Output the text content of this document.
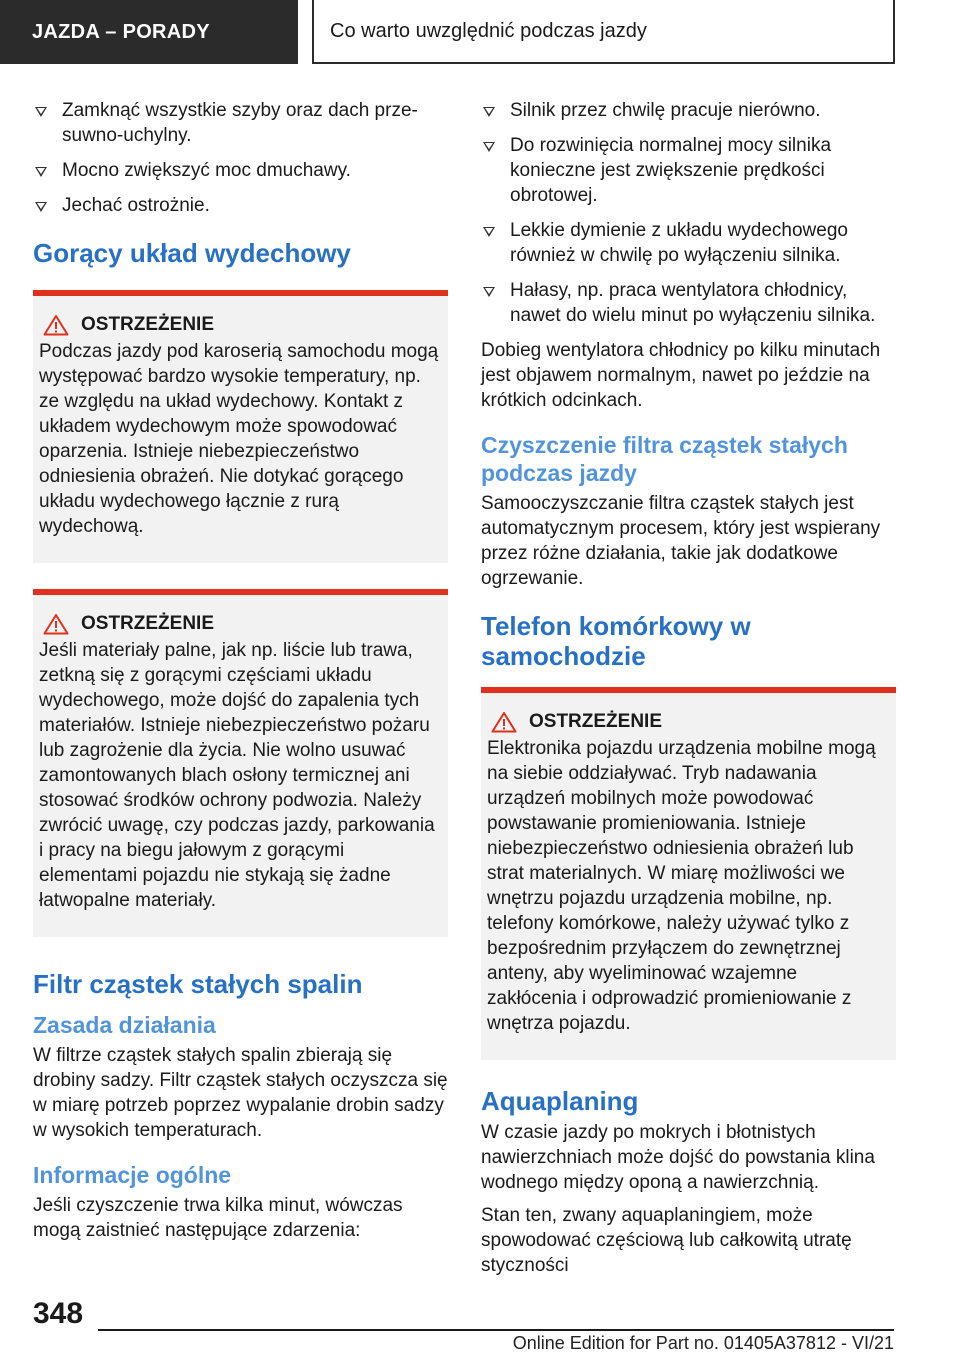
JAZDA – PORADY	Co warto uwzględnić podczas jazdy
Zamknąć wszystkie szyby oraz dach prze-suwno-uchylny.
Mocno zwiększyć moc dmuchawy.
Jechać ostrożnie.
Gorący układ wydechowy
OSTRZEŻENIE

Podczas jazdy pod karoserią samochodu mogą występować bardzo wysokie temperatury, np. ze względu na układ wydechowy. Kontakt z układem wydechowym może spowodować oparzenia. Istnieje niebezpieczeństwo odniesienia obrażeń. Nie dotykać gorącego układu wydechowego łącznie z rurą wydechową.

OSTRZEŻENIE

Jeśli materiały palne, jak np. liście lub trawa, zetkną się z gorącymi częściami układu wydechowego, może dojść do zapalenia tych materiałów. Istnieje niebezpieczeństwo pożaru lub zagrożenie dla życia. Nie wolno usuwać zamontowanych blach osłony termicznej ani stosować środków ochrony podwozia. Należy zwrócić uwagę, czy podczas jazdy, parkowania i pracy na biegu jałowym z gorącymi elementami pojazdu nie stykają się żadne łatwopalne materiały.

Filtr cząstek stałych spalin
Zasada działania

W filtrze cząstek stałych spalin zbierają się drobiny sadzy. Filtr cząstek stałych oczyszcza się w miarę potrzeb poprzez wypalanie drobin sadzy w wysokich temperaturach.

Informacje ogólne

Jeśli czyszczenie trwa kilka minut, wówczas mogą zaistnieć następujące zdarzenia:

Silnik przez chwilę pracuje nierówno.
Do rozwinięcia normalnej mocy silnika konieczne jest zwiększenie prędkości obrotowej.
Lekkie dymienie z układu wydechowego również w chwilę po wyłączeniu silnika.
Hałasy, np. praca wentylatora chłodnicy, nawet do wielu minut po wyłączeniu silnika.

Dobieg wentylatora chłodnicy po kilku minutach jest objawem normalnym, nawet po jeździe na krótkich odcinkach.

Czyszczenie filtra cząstek stałych podczas jazdy

Samooczyszczanie filtra cząstek stałych jest automatycznym procesem, który jest wspierany przez różne działania, takie jak dodatkowe ogrzewanie.

Telefon komórkowy w samochodzie
OSTRZEŻENIE

Elektronika pojazdu urządzenia mobilne mogą na siebie oddziaływać. Tryb nadawania urządzeń mobilnych może powodować powstawanie promieniowania. Istnieje niebezpieczeństwo odniesienia obrażeń lub strat materialnych. W miarę możliwości we wnętrzu pojazdu urządzenia mobilne, np. telefony komórkowe, należy używać tylko z bezpośrednim przyłączem do zewnętrznej anteny, aby wyeliminować wzajemne zakłócenia i odprowadzić promieniowanie z wnętrza pojazdu.

Aquaplaning

W czasie jazdy po mokrych i błotnistych nawierzchniach może dojść do powstania klina wodnego między oponą a nawierzchnią.

Stan ten, zwany aquaplaningiem, może spowodować częściową lub całkowitą utratę styczności

348
Online Edition for Part no. 01405A37812 - VI/21
